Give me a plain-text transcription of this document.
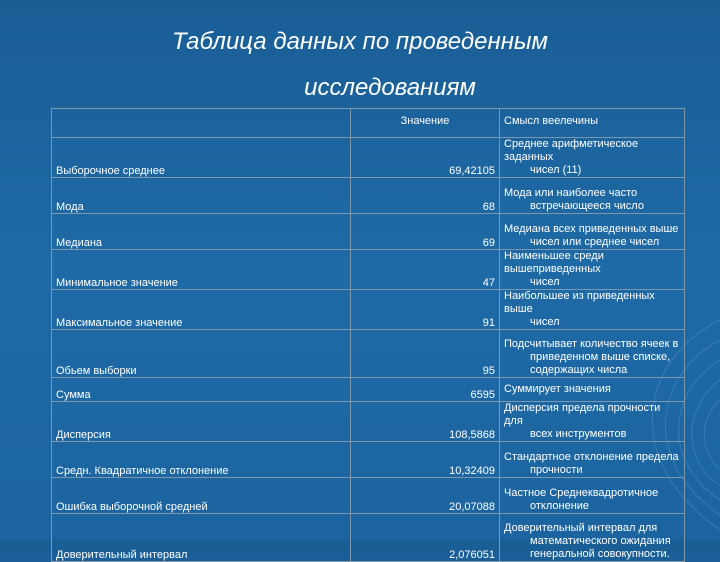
Таблица данных по проведенным
исследованиям
	Значение	Смысл веелечины
Выборочное среднее	69,42105	Среднее арифметическое заданных
чисел (11)

Мода	68	Мода или наиболее часто
встречающееся число

Медиана	69	Медиана всех приведенных выше
чисел или среднее чисел

Минимальное значение	47	Наименьшее среди вышеприведенных
чисел

Максимальное значение	91	Наибольшее из приведенных выше
чисел

Обьем выборки	95	Подсчитывает количество ячеек в
приведенном выше списке,
содержащих числа

Сумма	6595	Суммирует значения

Дисперсия	108,5868	Дисперсия предела прочности для
всех инструментов

Средн. Квадратичное отклонение	10,32409	Стандартное отклонение предела
прочности

Ошибка выборочной средней	20,07088	Частное Среднеквадротичное
отклонение

Доверительный интервал	2,076051	Доверительный интервал для
математического ожидания
генеральной совокупности.
